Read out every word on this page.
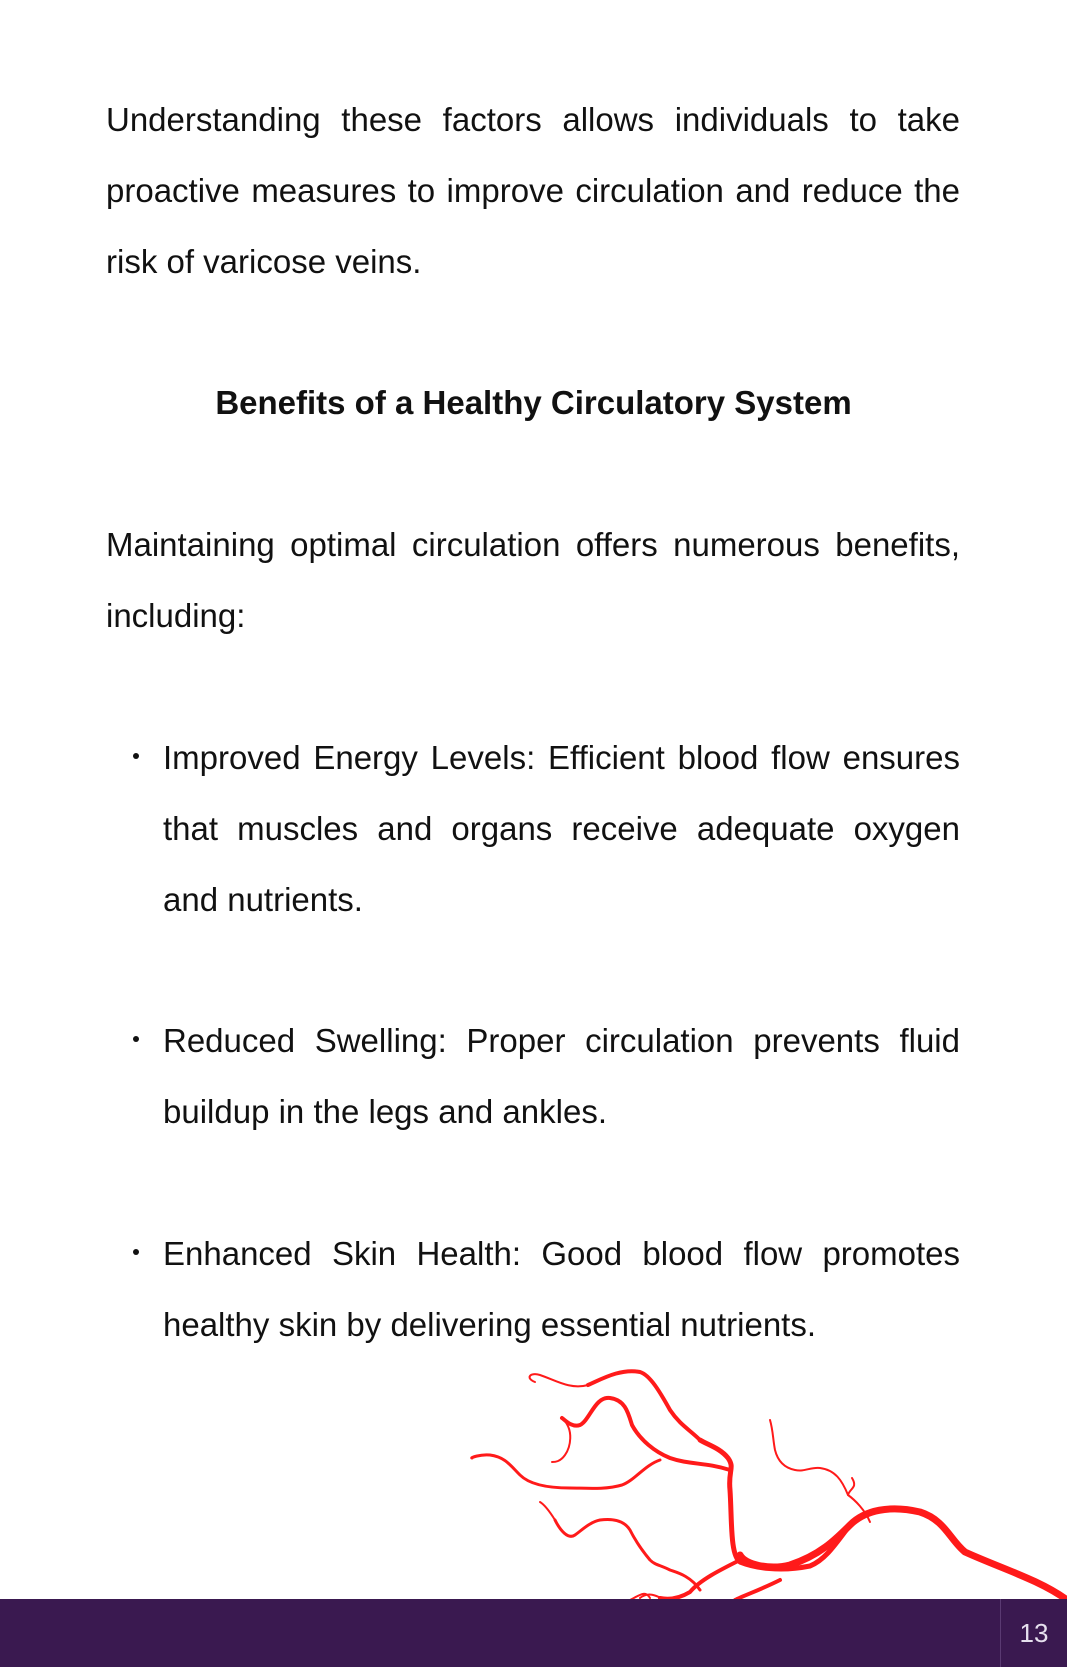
Understanding these factors allows individuals to take proactive measures to improve circulation and reduce the risk of varicose veins.

Benefits of a Healthy Circulatory System

Maintaining optimal circulation offers numerous benefits, including:

Improved Energy Levels: Efficient blood flow ensures that muscles and organs receive adequate oxygen and nutrients.
Reduced Swelling: Proper circulation prevents fluid buildup in the legs and ankles.
Enhanced Skin Health: Good blood flow promotes healthy skin by delivering essential nutrients.
13
